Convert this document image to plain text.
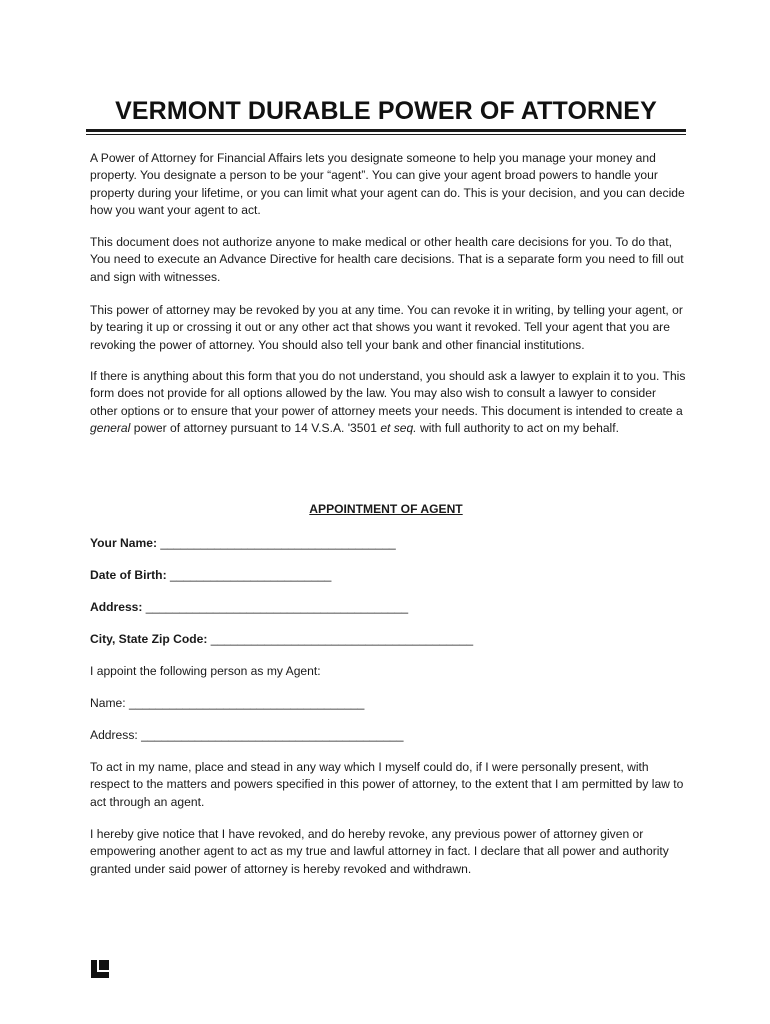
VERMONT DURABLE POWER OF ATTORNEY

A Power of Attorney for Financial Affairs lets you designate someone to help you manage your money and property. You designate a person to be your “agent”. You can give your agent broad powers to handle your property during your lifetime, or you can limit what your agent can do. This is your decision, and you can decide how you want your agent to act.

This document does not authorize anyone to make medical or other health care decisions for you. To do that, You need to execute an Advance Directive for health care decisions. That is a separate form you need to fill out and sign with witnesses.

This power of attorney may be revoked by you at any time. You can revoke it in writing, by telling your agent, or by tearing it up or crossing it out or any other act that shows you want it revoked. Tell your agent that you are revoking the power of attorney. You should also tell your bank and other financial institutions.

If there is anything about this form that you do not understand, you should ask a lawyer to explain it to you. This form does not provide for all options allowed by the law. You may also wish to consult a lawyer to consider other options or to ensure that your power of attorney meets your needs. This document is intended to create a general power of attorney pursuant to 14 V.S.A. '3501 et seq. with full authority to act on my behalf.

APPOINTMENT OF AGENT
Your Name: ___________________________________
Date of Birth: ________________________
Address: _______________________________________
City, State Zip Code: _______________________________________
I appoint the following person as my Agent:
Name: ___________________________________
Address: _______________________________________

To act in my name, place and stead in any way which I myself could do, if I were personally present, with respect to the matters and powers specified in this power of attorney, to the extent that I am permitted by law to act through an agent.

I hereby give notice that I have revoked, and do hereby revoke, any previous power of attorney given or empowering another agent to act as my true and lawful attorney in fact. I declare that all power and authority granted under said power of attorney is hereby revoked and withdrawn.
